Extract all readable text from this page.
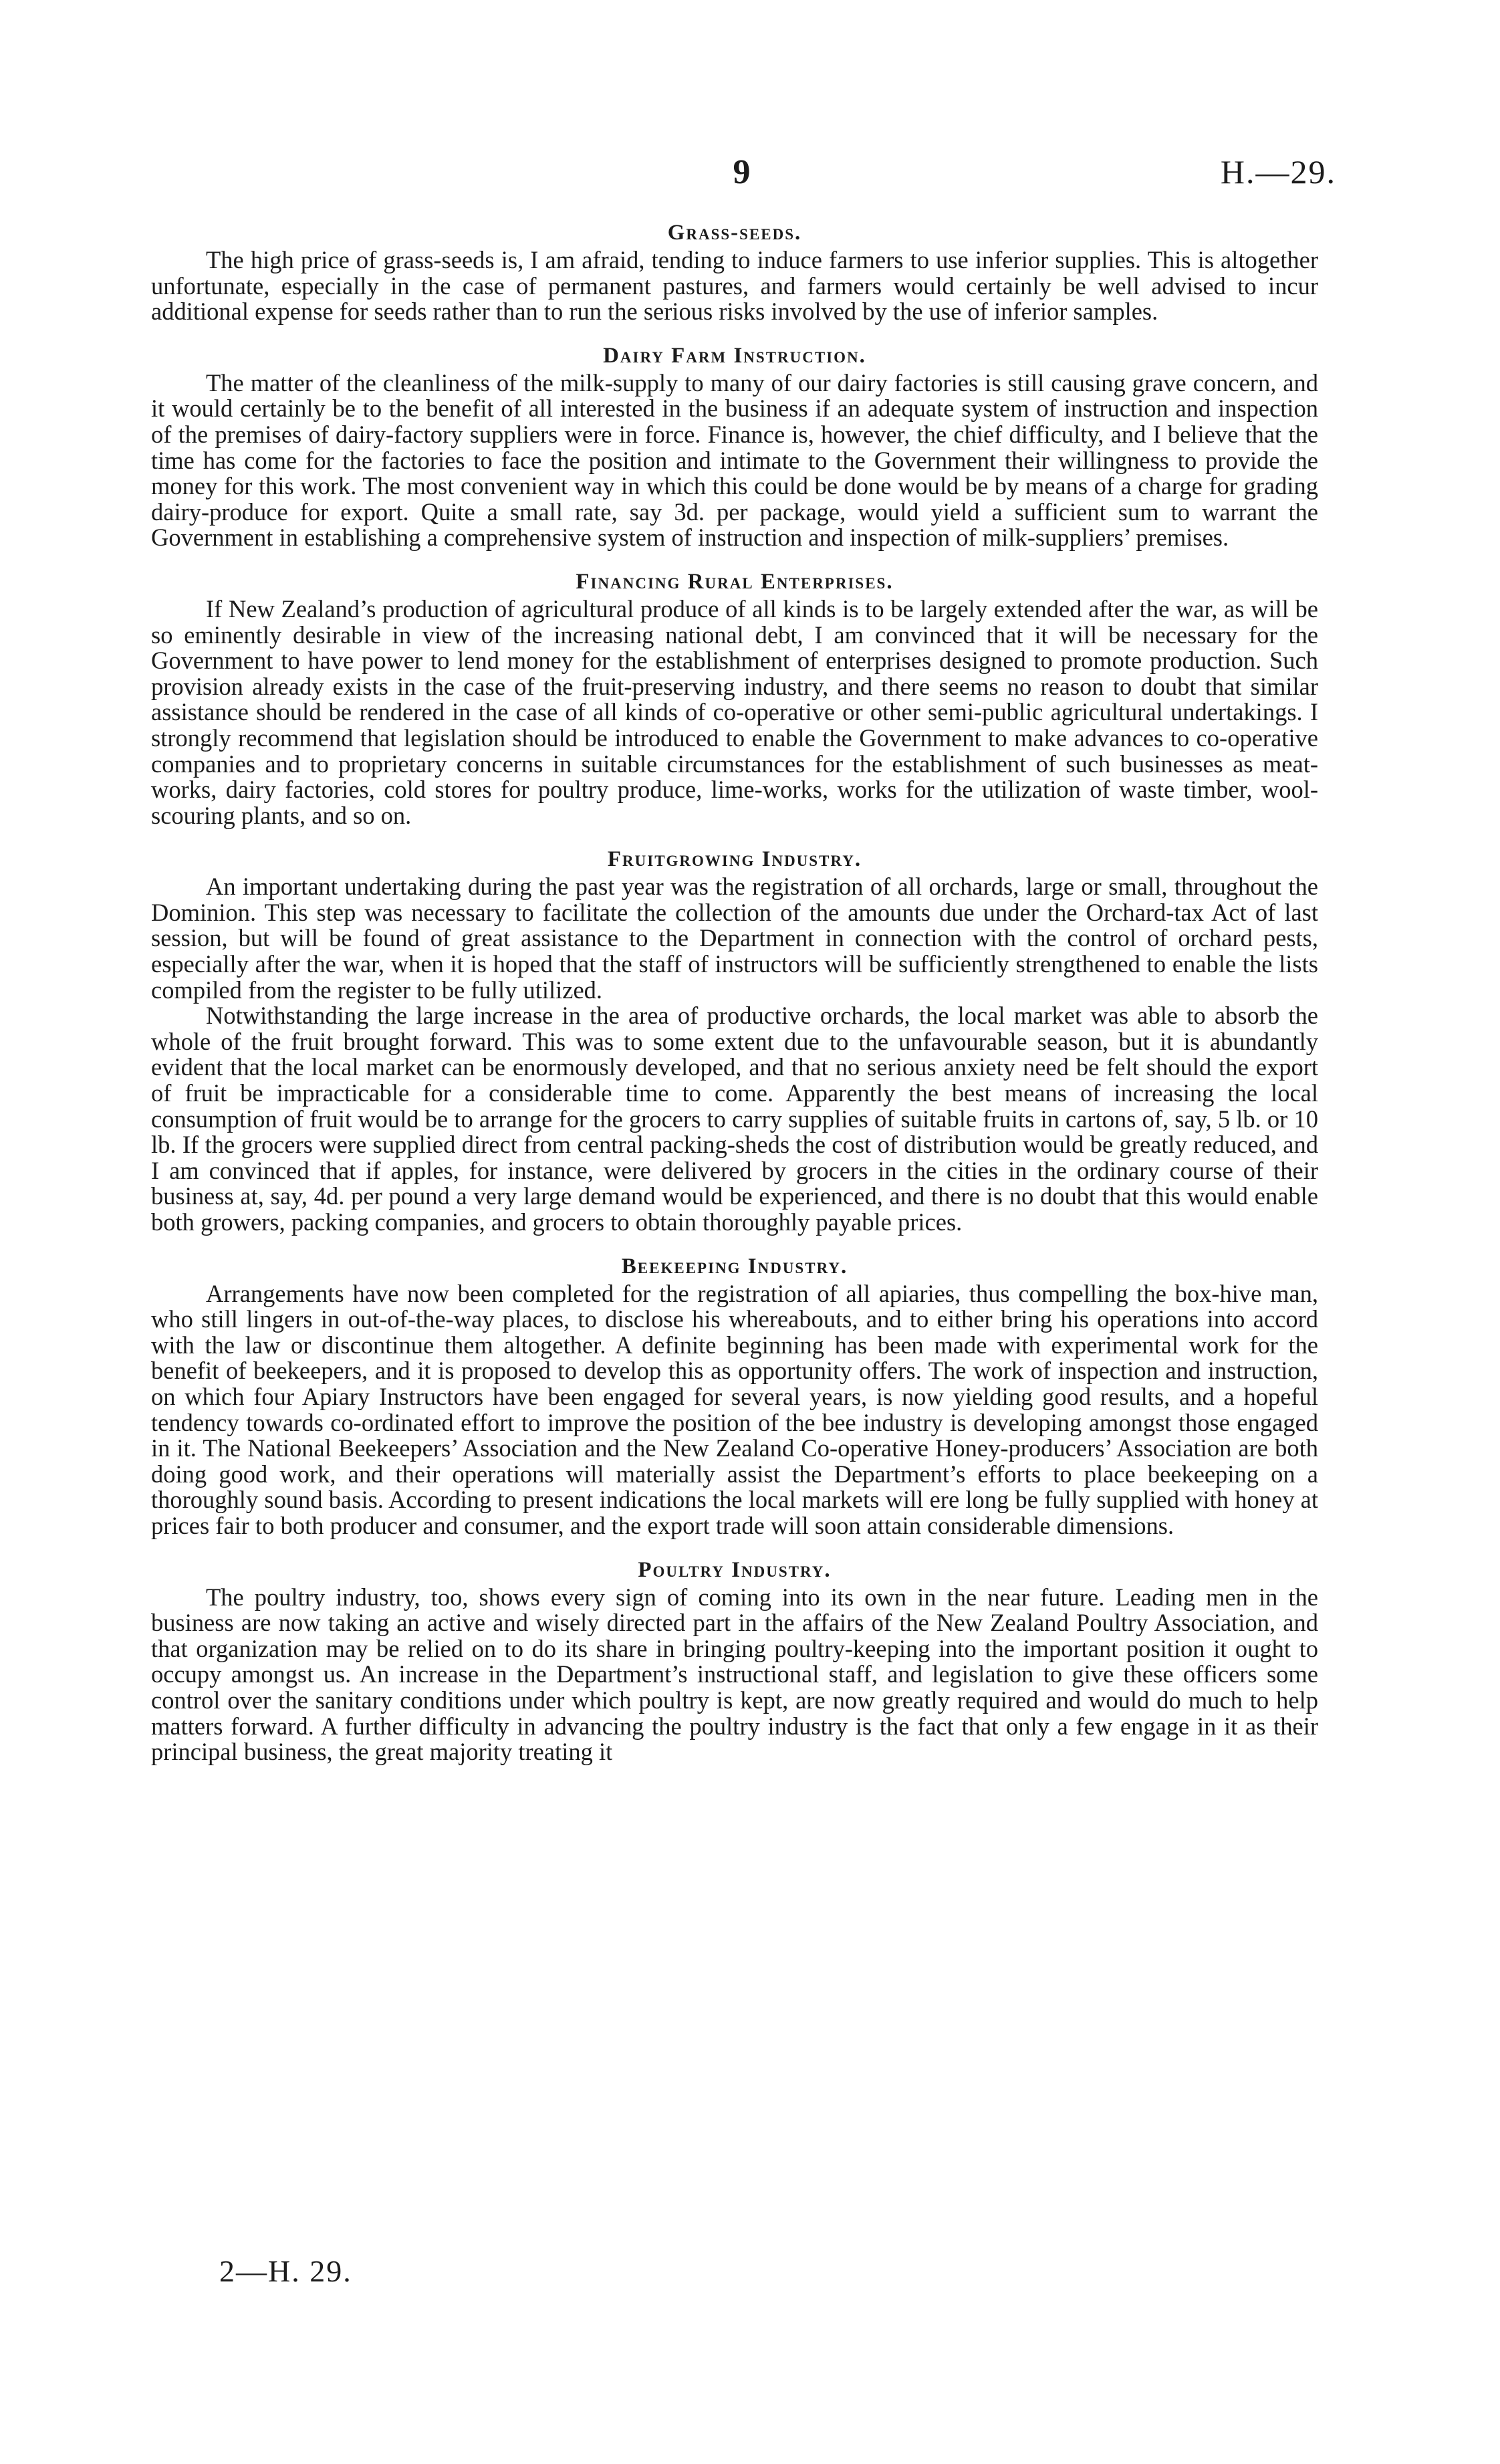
9	H.—29.
Grass-seeds.

The high price of grass-seeds is, I am afraid, tending to induce farmers to use inferior supplies. This is altogether unfortunate, especially in the case of permanent pastures, and farmers would certainly be well advised to incur additional expense for seeds rather than to run the serious risks involved by the use of inferior samples.

Dairy Farm Instruction.

The matter of the cleanliness of the milk-supply to many of our dairy factories is still causing grave concern, and it would certainly be to the benefit of all interested in the business if an adequate system of instruction and inspection of the premises of dairy-factory suppliers were in force. Finance is, however, the chief difficulty, and I believe that the time has come for the factories to face the position and intimate to the Government their willingness to provide the money for this work. The most convenient way in which this could be done would be by means of a charge for grading dairy-produce for export. Quite a small rate, say 3d. per package, would yield a sufficient sum to warrant the Government in establishing a comprehensive system of instruction and inspection of milk-suppliers’ premises.

Financing Rural Enterprises.

If New Zealand’s production of agricultural produce of all kinds is to be largely extended after the war, as will be so eminently desirable in view of the increasing national debt, I am convinced that it will be necessary for the Government to have power to lend money for the establishment of enterprises designed to promote production. Such provision already exists in the case of the fruit-preserving industry, and there seems no reason to doubt that similar assistance should be rendered in the case of all kinds of co-operative or other semi-public agricultural undertakings. I strongly recommend that legislation should be introduced to enable the Government to make advances to co-operative companies and to proprietary concerns in suitable circumstances for the establishment of such businesses as meat-works, dairy factories, cold stores for poultry produce, lime-works, works for the utilization of waste timber, wool-scouring plants, and so on.

Fruitgrowing Industry.

An important undertaking during the past year was the registration of all orchards, large or small, throughout the Dominion. This step was necessary to facilitate the collection of the amounts due under the Orchard-tax Act of last session, but will be found of great assistance to the Department in connection with the control of orchard pests, especially after the war, when it is hoped that the staff of instructors will be sufficiently strengthened to enable the lists compiled from the register to be fully utilized.

Notwithstanding the large increase in the area of productive orchards, the local market was able to absorb the whole of the fruit brought forward. This was to some extent due to the unfavourable season, but it is abundantly evident that the local market can be enormously developed, and that no serious anxiety need be felt should the export of fruit be impracticable for a considerable time to come. Apparently the best means of increasing the local consumption of fruit would be to arrange for the grocers to carry supplies of suitable fruits in cartons of, say, 5 lb. or 10 lb. If the grocers were supplied direct from central packing-sheds the cost of distribution would be greatly reduced, and I am convinced that if apples, for instance, were delivered by grocers in the cities in the ordinary course of their business at, say, 4d. per pound a very large demand would be experienced, and there is no doubt that this would enable both growers, packing companies, and grocers to obtain thoroughly payable prices.

Beekeeping Industry.

Arrangements have now been completed for the registration of all apiaries, thus compelling the box-hive man, who still lingers in out-of-the-way places, to disclose his whereabouts, and to either bring his operations into accord with the law or discontinue them altogether. A definite beginning has been made with experimental work for the benefit of beekeepers, and it is proposed to develop this as opportunity offers. The work of inspection and instruction, on which four Apiary Instructors have been engaged for several years, is now yielding good results, and a hopeful tendency towards co-ordinated effort to improve the position of the bee industry is developing amongst those engaged in it. The National Beekeepers’ Association and the New Zealand Co-operative Honey-producers’ Association are both doing good work, and their operations will materially assist the Department’s efforts to place beekeeping on a thoroughly sound basis. According to present indications the local markets will ere long be fully supplied with honey at prices fair to both producer and consumer, and the export trade will soon attain considerable dimensions.

Poultry Industry.

The poultry industry, too, shows every sign of coming into its own in the near future. Leading men in the business are now taking an active and wisely directed part in the affairs of the New Zealand Poultry Association, and that organization may be relied on to do its share in bringing poultry-keeping into the important position it ought to occupy amongst us. An increase in the Department’s instructional staff, and legislation to give these officers some control over the sanitary conditions under which poultry is kept, are now greatly required and would do much to help matters forward. A further difficulty in advancing the poultry industry is the fact that only a few engage in it as their principal business, the great majority treating it

2—H. 29.
